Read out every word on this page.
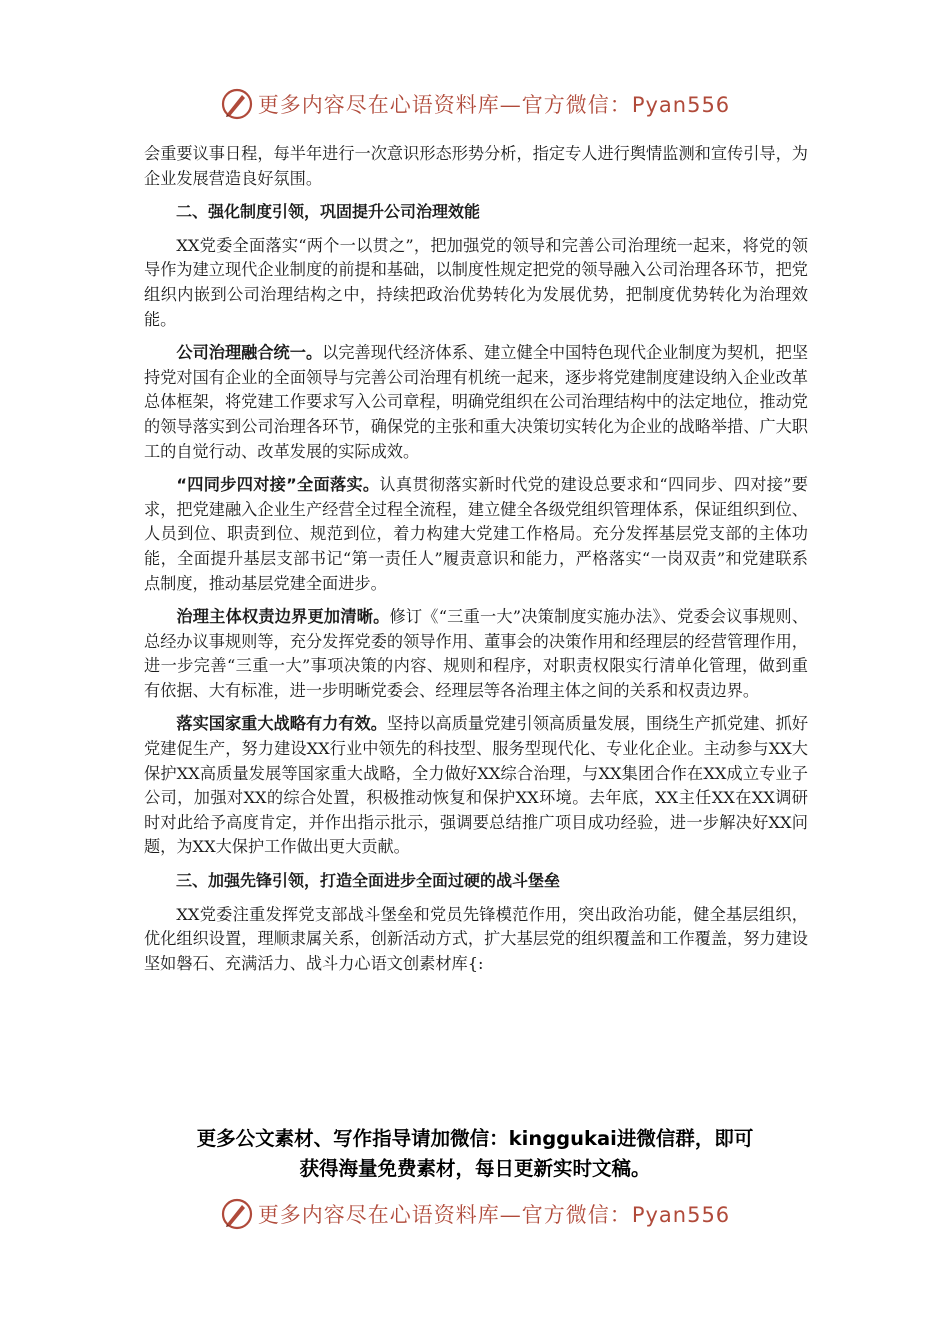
更多内容尽在心语资料库—官方微信：Pyan556

会重要议事日程，每半年进行一次意识形态形势分析，指定专人进行舆情监测和宣传引导，为企业发展营造良好氛围。

二、强化制度引领，巩固提升公司治理效能

XX党委全面落实“两个一以贯之”，把加强党的领导和完善公司治理统一起来，将党的领导作为建立现代企业制度的前提和基础，以制度性规定把党的领导融入公司治理各环节，把党组织内嵌到公司治理结构之中，持续把政治优势转化为发展优势，把制度优势转化为治理效能。

公司治理融合统一。以完善现代经济体系、建立健全中国特色现代企业制度为契机，把坚持党对国有企业的全面领导与完善公司治理有机统一起来，逐步将党建制度建设纳入企业改革总体框架，将党建工作要求写入公司章程，明确党组织在公司治理结构中的法定地位，推动党的领导落实到公司治理各环节，确保党的主张和重大决策切实转化为企业的战略举措、广大职工的自觉行动、改革发展的实际成效。

“四同步四对接”全面落实。认真贯彻落实新时代党的建设总要求和“四同步、四对接”要求，把党建融入企业生产经营全过程全流程，建立健全各级党组织管理体系，保证组织到位、人员到位、职责到位、规范到位，着力构建大党建工作格局。充分发挥基层党支部的主体功能，全面提升基层支部书记“第一责任人”履责意识和能力，严格落实“一岗双责”和党建联系点制度，推动基层党建全面进步。

治理主体权责边界更加清晰。修订《“三重一大”决策制度实施办法》、党委会议事规则、总经办议事规则等，充分发挥党委的领导作用、董事会的决策作用和经理层的经营管理作用，进一步完善“三重一大”事项决策的内容、规则和程序，对职责权限实行清单化管理，做到重有依据、大有标准，进一步明晰党委会、经理层等各治理主体之间的关系和权责边界。

落实国家重大战略有力有效。坚持以高质量党建引领高质量发展，围绕生产抓党建、抓好党建促生产，努力建设XX行业中领先的科技型、服务型现代化、专业化企业。主动参与XX大保护XX高质量发展等国家重大战略，全力做好XX综合治理，与XX集团合作在XX成立专业子公司，加强对XX的综合处置，积极推动恢复和保护XX环境。去年底，XX主任XX在XX调研时对此给予高度肯定，并作出指示批示，强调要总结推广项目成功经验，进一步解决好XX问题，为XX大保护工作做出更大贡献。

三、加强先锋引领，打造全面进步全面过硬的战斗堡垒

XX党委注重发挥党支部战斗堡垒和党员先锋模范作用，突出政治功能，健全基层组织，优化组织设置，理顺隶属关系，创新活动方式，扩大基层党的组织覆盖和工作覆盖，努力建设坚如磐石、充满活力、战斗力心语文创素材库{:

更多公文素材、写作指导请加微信：kinggukai进微信群，即可
获得海量免费素材，每日更新实时文稿。
更多内容尽在心语资料库—官方微信：Pyan556
